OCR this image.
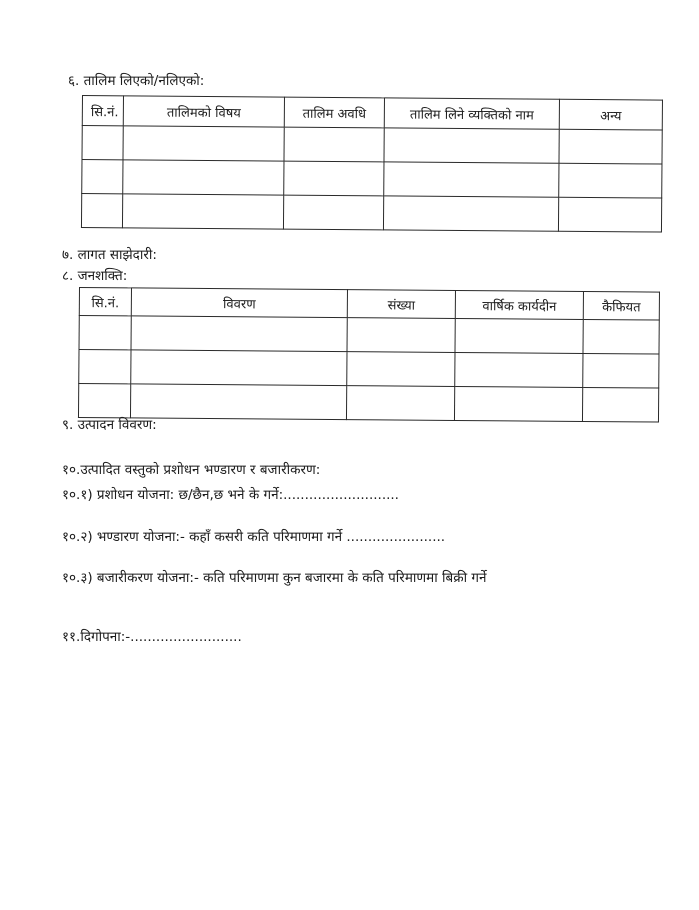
६. तालिम लिएको/नलिएको:
सि.नं.	तालिमको विषय	तालिम अवधि	तालिम लिने व्यक्तिको नाम	अन्य

७. लागत साझेदारी:
८. जनशक्ति:
सि.नं.	विवरण	संख्या	वार्षिक कार्यदीन	कैफियत

९. उत्पादन विवरण:
१०.उत्पादित वस्तुको प्रशोधन भण्डारण र बजारीकरण:
१०.१) प्रशोधन योजना: छ/छैन,छ भने के गर्ने:...........................
१०.२) भण्डारण योजना:- कहाँ कसरी कति परिमाणमा गर्ने .......................
१०.३) बजारीकरण योजना:- कति परिमाणमा कुन बजारमा के कति परिमाणमा बिक्री गर्ने
११.दिगोपना:-..........................
